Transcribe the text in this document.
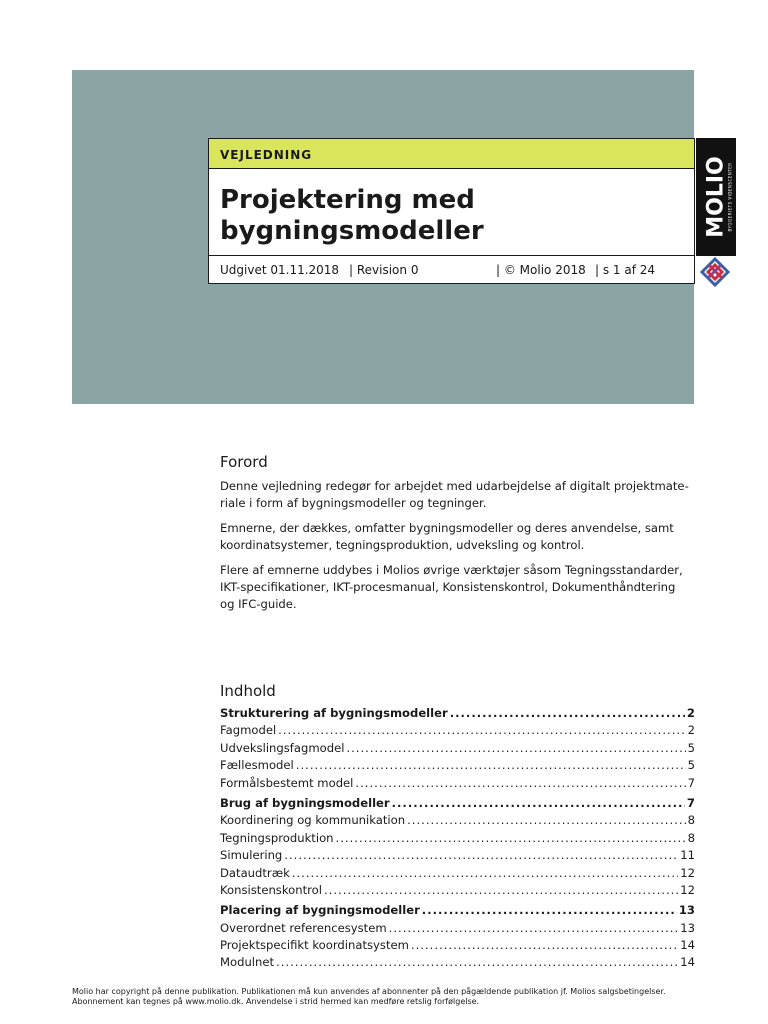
VEJLEDNING
Projektering med
bygningsmodeller
Udgivet 01.11.2018 | Revision 0	| © Molio 2018 | s 1 af 24
MOLIO BYGGERIETS VIDENSCENTER
Forord
Denne vejledning redegør for arbejdet med udarbejdelse af digitalt projektmate-
riale i form af bygningsmodeller og tegninger.
Emnerne, der dækkes, omfatter bygningsmodeller og deres anvendelse, samt
koordinatsystemer, tegningsproduktion, udveksling og kontrol.
Flere af emnerne uddybes i Molios øvrige værktøjer såsom Tegningsstandarder,
IKT-specifikationer, IKT-procesmanual, Konsistenskontrol, Dokumenthåndtering
og IFC-guide.
Indhold
Strukturering af bygningsmodeller .....	2
Fagmodel .....	2
Udvekslingsfagmodel .....	5
Fællesmodel .....	5
Formålsbestemt model .....	7
Brug af bygningsmodeller .....	7
Koordinering og kommunikation .....	8
Tegningsproduktion .....	8
Simulering .....	11
Dataudtræk .....	12
Konsistenskontrol .....	12
Placering af bygningsmodeller .....	13
Overordnet referencesystem .....	13
Projektspecifikt koordinatsystem .....	14
Modulnet .....	14
Molio har copyright på denne publikation. Publikationen må kun anvendes af abonnenter på den pågældende publikation jf. Molios salgsbetingelser.
Abonnement kan tegnes på www.molio.dk. Anvendelse i strid hermed kan medføre retslig forfølgelse.
